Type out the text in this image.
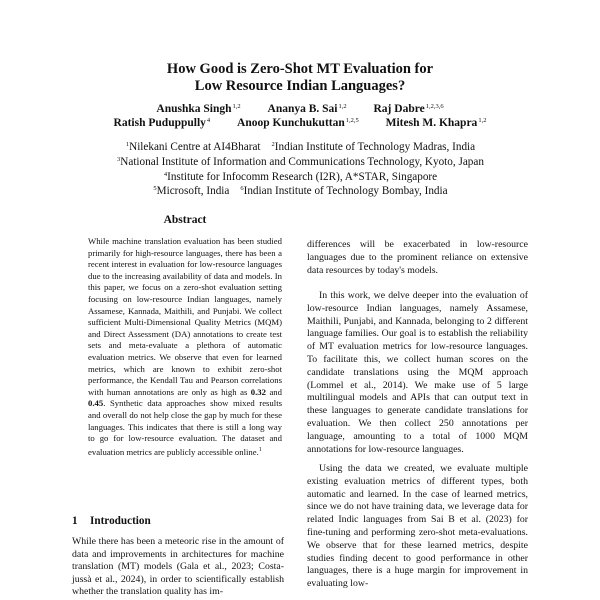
How Good is Zero-Shot MT Evaluation for
Low Resource Indian Languages?
Anushka Singh$^{1,2}$ Ananya B. Sai$^{1,2}$ Raj Dabre$^{1,2,3,6}$
Ratish Puduppully$^4$ Anoop Kunchukuttan$^{1,2,5}$ Mitesh M. Khapra$^{1,2}$
$^1$Nilekani Centre at AI4Bharat $^2$Indian Institute of Technology Madras, India
$^3$National Institute of Information and Communications Technology, Kyoto, Japan
$^4$Institute for Infocomm Research (I2R), A*STAR, Singapore
$^5$Microsoft, India $^6$Indian Institute of Technology Bombay, India
Abstract

While machine translation evaluation has been studied primarily for high-resource languages, there has been a recent interest in evaluation for low-resource languages due to the increasing availability of data and models. In this paper, we focus on a zero-shot evaluation setting focusing on low-resource Indian languages, namely Assamese, Kannada, Maithili, and Punjabi. We collect sufficient Multi-Dimensional Quality Metrics (MQM) and Direct Assessment (DA) annotations to create test sets and meta-evaluate a plethora of automatic evaluation metrics. We observe that even for learned metrics, which are known to exhibit zero-shot performance, the Kendall Tau and Pearson correlations with human annotations are only as high as 0.32 and 0.45. Synthetic data approaches show mixed results and overall do not help close the gap by much for these languages. This indicates that there is still a long way to go for low-resource evaluation. The dataset and evaluation metrics are publicly accessible online.$^1$

1 Introduction

While there has been a meteoric rise in the amount of data and improvements in architectures for machine translation (MT) models (Gala et al., 2023; Costa-jussà et al., 2024), in order to scientifically establish whether the translation quality has im-

differences will be exacerbated in low-resource languages due to the prominent reliance on extensive data resources by today's models.

In this work, we delve deeper into the evaluation of low-resource Indian languages, namely Assamese, Maithili, Punjabi, and Kannada, belonging to 2 different language families. Our goal is to establish the reliability of MT evaluation metrics for low-resource languages. To facilitate this, we collect human scores on the candidate translations using the MQM approach (Lommel et al., 2014). We make use of 5 large multilingual models and APIs that can output text in these languages to generate candidate translations for evaluation. We then collect 250 annotations per language, amounting to a total of 1000 MQM annotations for low-resource languages.

Using the data we created, we evaluate multiple existing evaluation metrics of different types, both automatic and learned. In the case of learned metrics, since we do not have training data, we leverage data for related Indic languages from Sai B et al. (2023) for fine-tuning and performing zero-shot meta-evaluations. We observe that for these learned metrics, despite studies finding decent to good performance in other languages, there is a huge margin for improvement in evaluating low-
